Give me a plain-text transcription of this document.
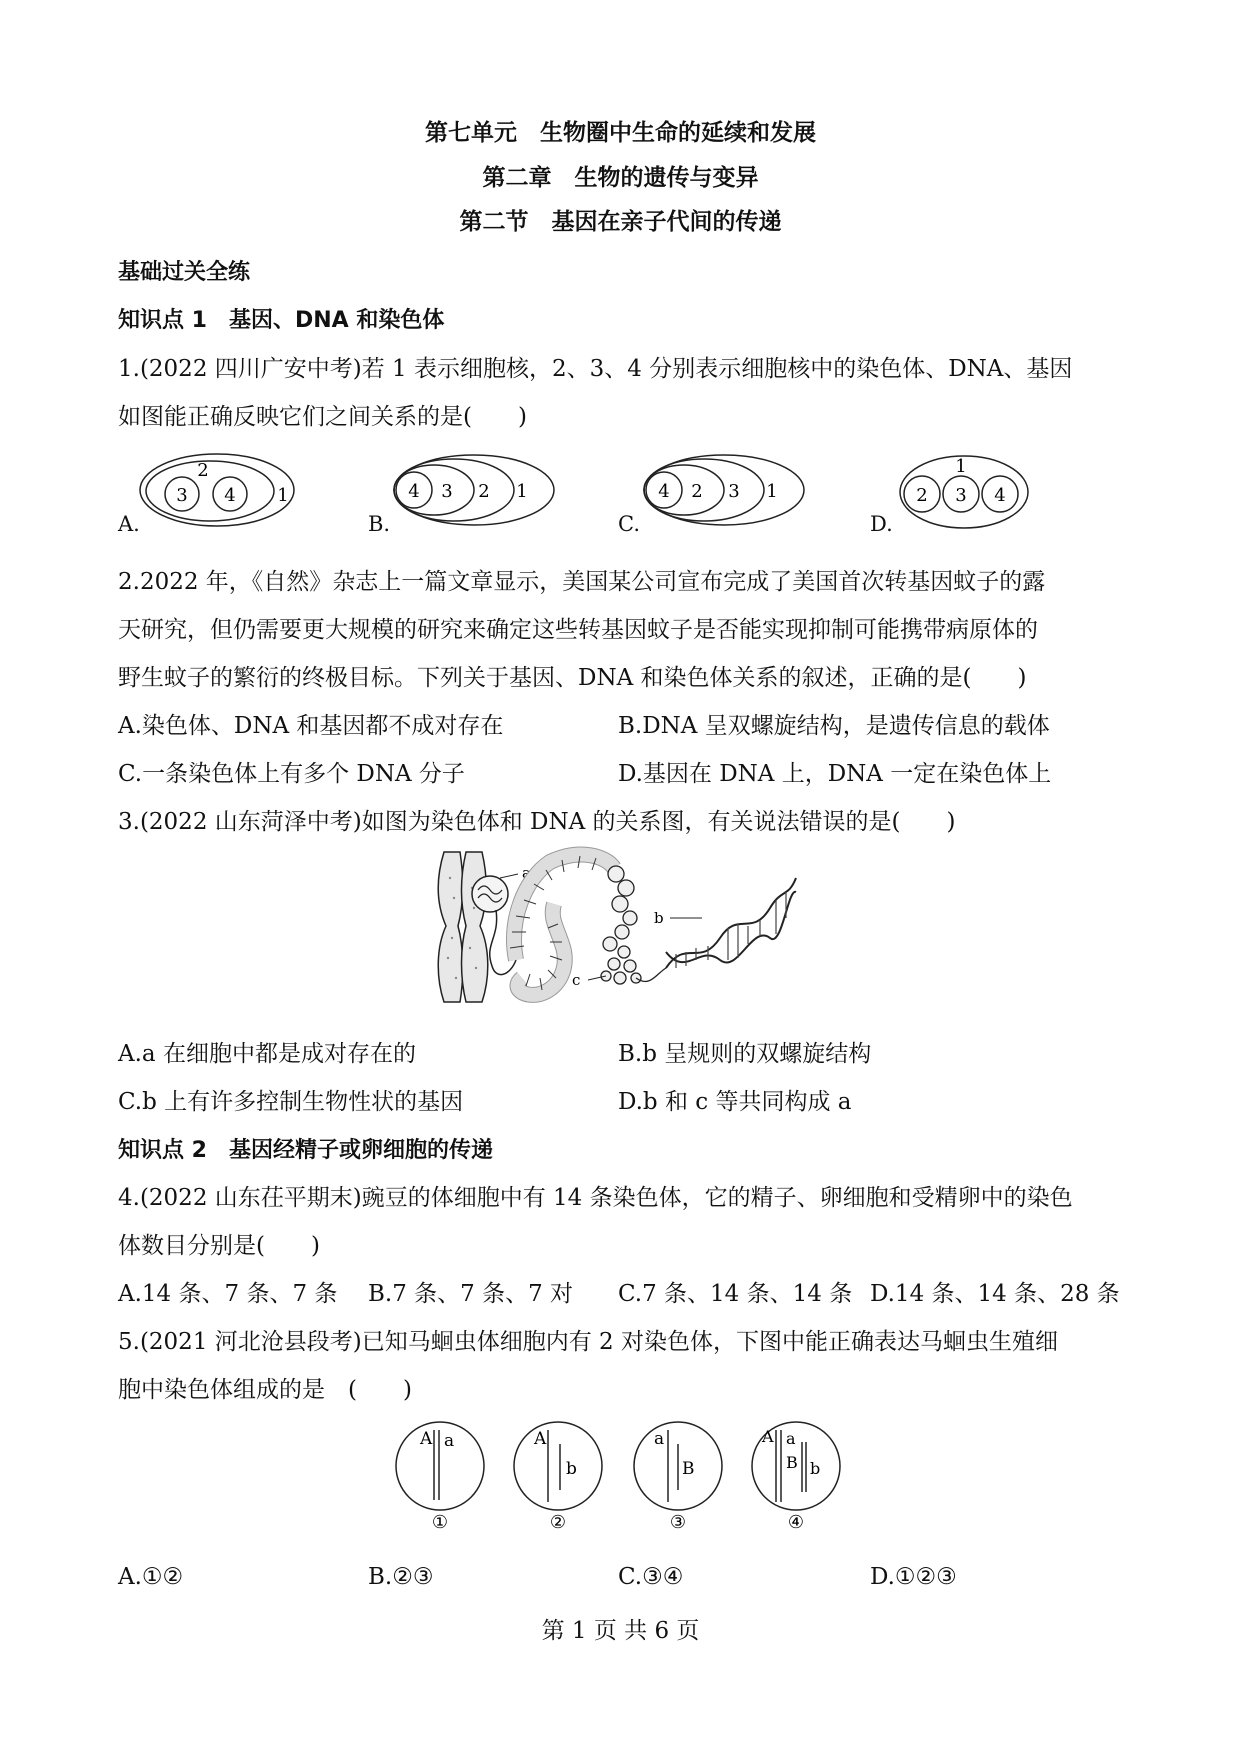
第七单元　生物圈中生命的延续和发展
第二章　生物的遗传与变异
第二节　基因在亲子代间的传递
基础过关全练
知识点 1　基因、DNA 和染色体
1.(2022 四川广安中考)若 1 表示细胞核，2、3、4 分别表示细胞核中的染色体、DNA、基因
如图能正确反映它们之间关系的是(　　)
2
3 4 1
A.
4 3 2 1
B.
4 2 3 1
C.
1
2 3 4
D.
2.2022 年，《自然》杂志上一篇文章显示，美国某公司宣布完成了美国首次转基因蚊子的露
天研究，但仍需要更大规模的研究来确定这些转基因蚊子是否能实现抑制可能携带病原体的
野生蚊子的繁衍的终极目标。下列关于基因、DNA 和染色体关系的叙述，正确的是(　　)
A.染色体、DNA 和基因都不成对存在	B.DNA 呈双螺旋结构，是遗传信息的载体
C.一条染色体上有多个 DNA 分子	D.基因在 DNA 上，DNA 一定在染色体上
3.(2022 山东菏泽中考)如图为染色体和 DNA 的关系图，有关说法错误的是(　　)
a
c
b
A.a 在细胞中都是成对存在的	B.b 呈规则的双螺旋结构
C.b 上有许多控制生物性状的基因	D.b 和 c 等共同构成 a
知识点 2　基因经精子或卵细胞的传递
4.(2022 山东茌平期末)豌豆的体细胞中有 14 条染色体，它的精子、卵细胞和受精卵中的染色
体数目分别是(　　)
A.14 条、7 条、7 条 B.7 条、7 条、7 对 C.7 条、14 条、14 条 D.14 条、14 条、28 条
5.(2021 河北沧县段考)已知马蛔虫体细胞内有 2 对染色体，下图中能正确表达马蛔虫生殖细
胞中染色体组成的是　(　　)
A a
①
A
b
②
a
B
③
A a
B b
④
A.①②	B.②③	C.③④	D.①②③
第 1 页 共 6 页
